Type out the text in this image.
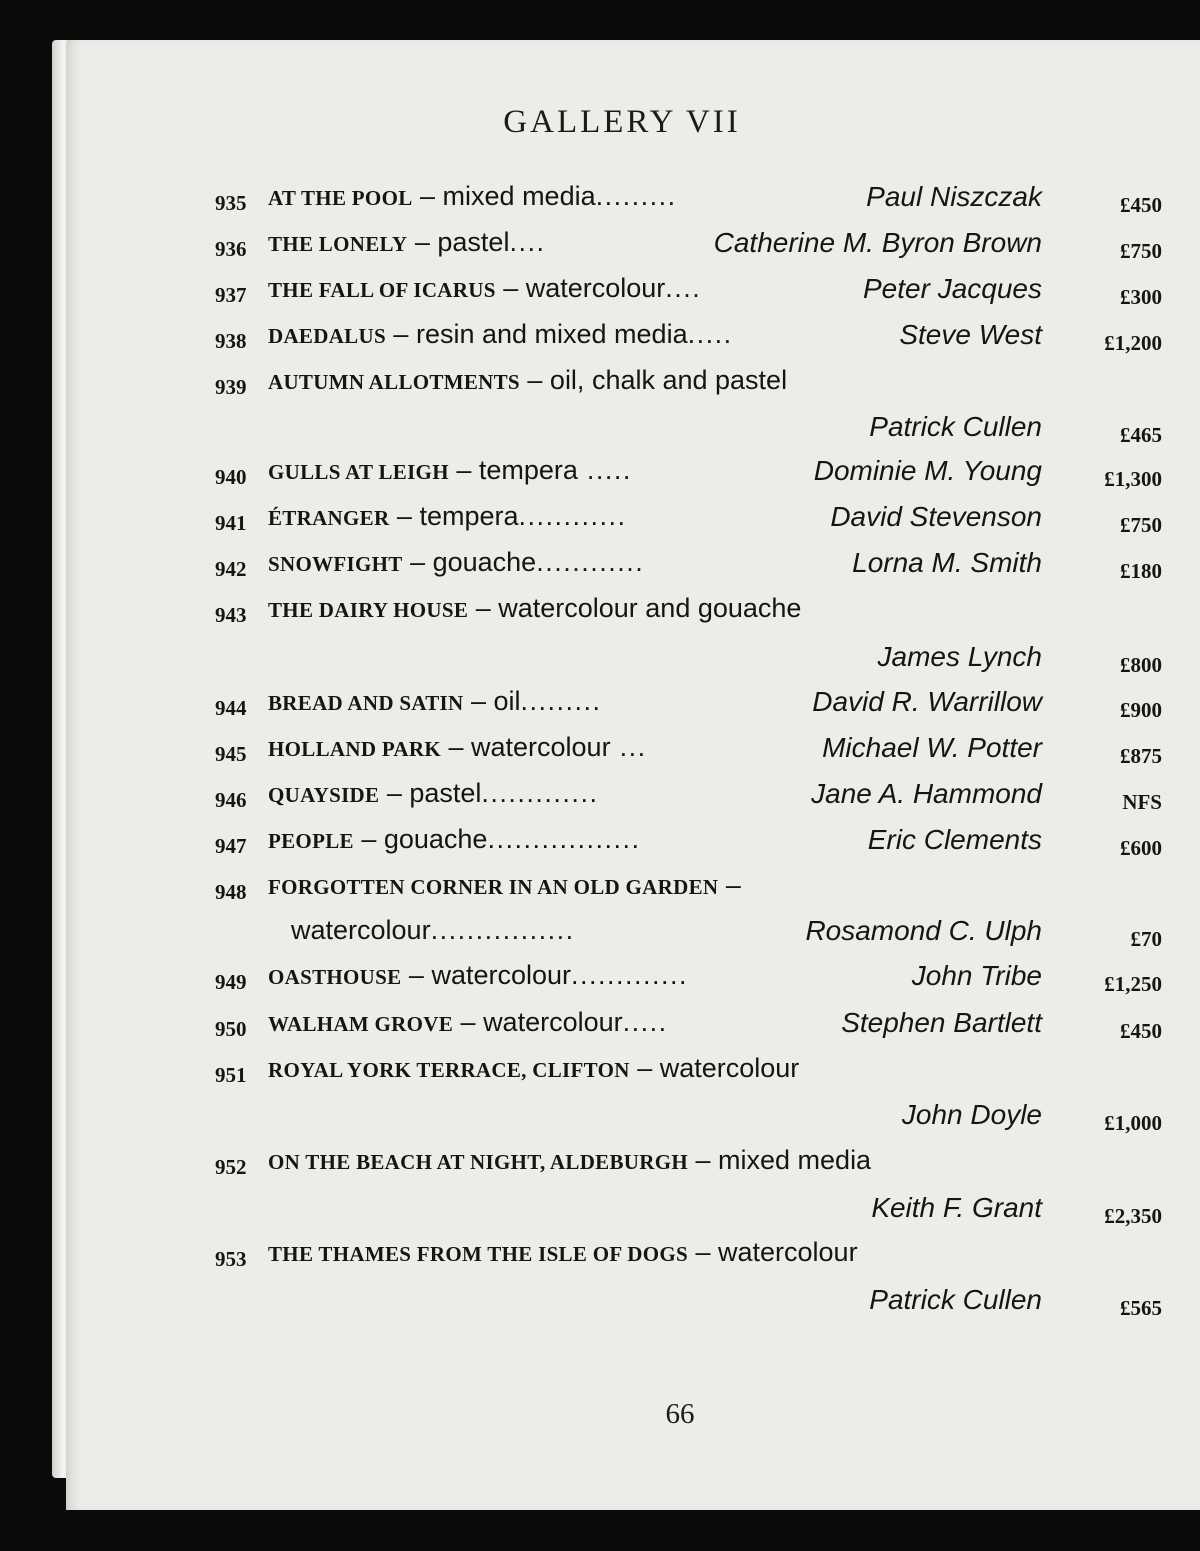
GALLERY VII
935 AT THE POOL – mixed media.........	Paul Niszczak	£450
936 THE LONELY – pastel....	Catherine M. Byron Brown	£750
937 THE FALL OF ICARUS – watercolour....	Peter Jacques	£300
938 DAEDALUS – resin and mixed media.....	Steve West	£1,200
939 AUTUMN ALLOTMENTS – oil, chalk and pastel
Patrick Cullen	£465
940 GULLS AT LEIGH – tempera .....	Dominie M. Young	£1,300
941 ÉTRANGER – tempera............	David Stevenson	£750
942 SNOWFIGHT – gouache............	Lorna M. Smith	£180
943 THE DAIRY HOUSE – watercolour and gouache
James Lynch	£800
944 BREAD AND SATIN – oil.........	David R. Warrillow	£900
945 HOLLAND PARK – watercolour ...	Michael W. Potter	£875
946 QUAYSIDE – pastel.............	Jane A. Hammond	NFS
947 PEOPLE – gouache.................	Eric Clements	£600
948 FORGOTTEN CORNER IN AN OLD GARDEN –
watercolour................	Rosamond C. Ulph	£70
949 OASTHOUSE – watercolour.............	John Tribe	£1,250
950 WALHAM GROVE – watercolour.....	Stephen Bartlett	£450
951 ROYAL YORK TERRACE, CLIFTON – watercolour
John Doyle	£1,000
952 ON THE BEACH AT NIGHT, ALDEBURGH – mixed media
Keith F. Grant	£2,350
953 THE THAMES FROM THE ISLE OF DOGS – watercolour
Patrick Cullen	£565
66
